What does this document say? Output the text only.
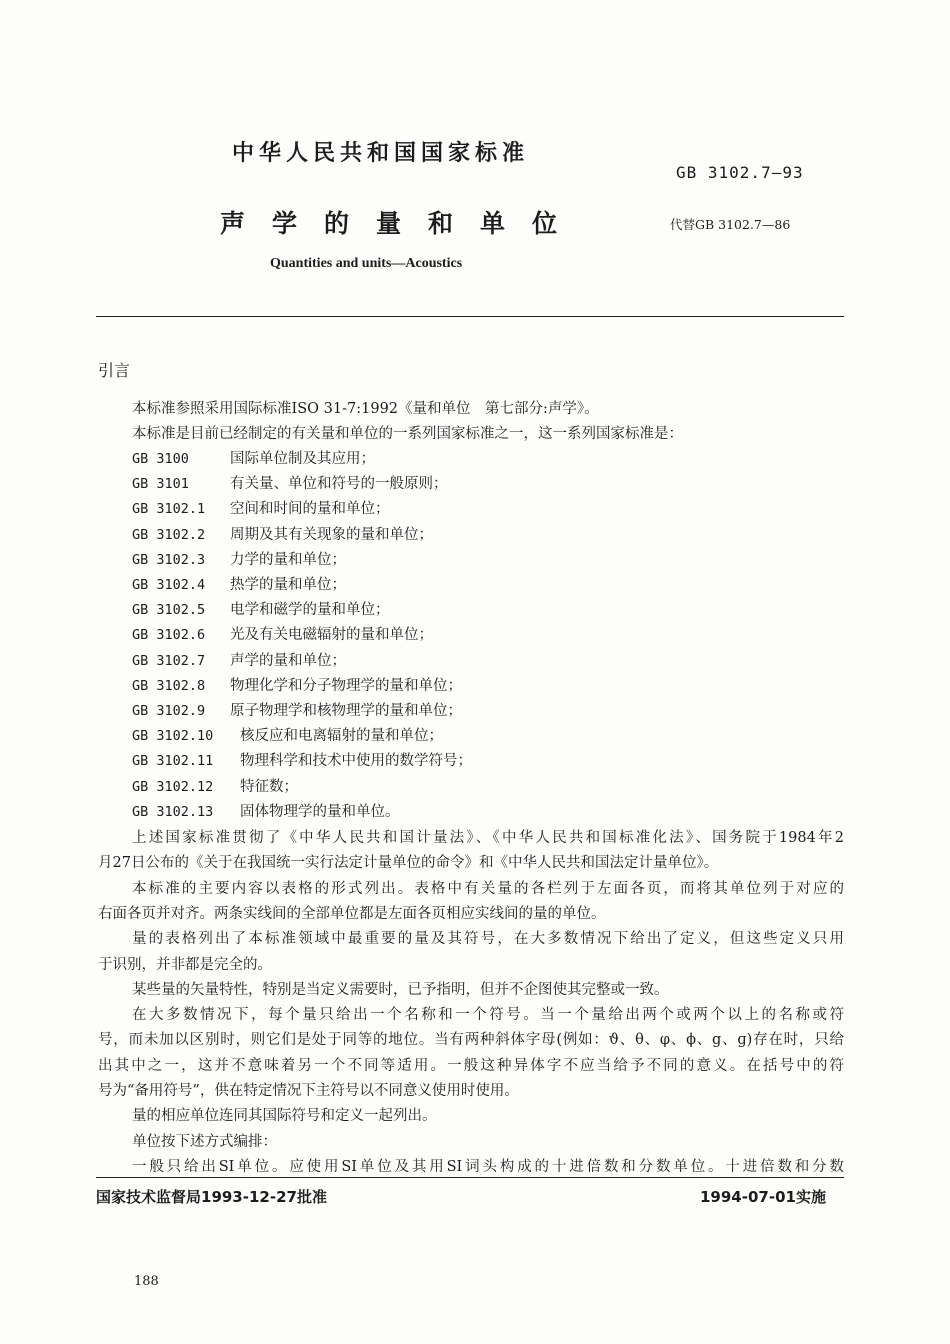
中华人民共和国国家标准
GB 3102.7—93
声学的量和单位	代替GB 3102.7—86
Quantities and units—Acoustics
引言
本标准参照采用国际标准ISO 31-7:1992《量和单位　第七部分:声学》。
本标准是目前已经制定的有关量和单位的一系列国家标准之一，这一系列国家标准是：
GB 3100	国际单位制及其应用；
GB 3101	有关量、单位和符号的一般原则；
GB 3102.1 空间和时间的量和单位；
GB 3102.2 周期及其有关现象的量和单位；
GB 3102.3 力学的量和单位；
GB 3102.4 热学的量和单位；
GB 3102.5 电学和磁学的量和单位；
GB 3102.6 光及有关电磁辐射的量和单位；
GB 3102.7 声学的量和单位；
GB 3102.8 物理化学和分子物理学的量和单位；
GB 3102.9 原子物理学和核物理学的量和单位；
GB 3102.10 核反应和电离辐射的量和单位；
GB 3102.11 物理科学和技术中使用的数学符号；
GB 3102.12 特征数；
GB 3102.13 固体物理学的量和单位。
上述国家标准贯彻了《中华人民共和国计量法》、《中华人民共和国标准化法》、国务院于1984年2
月27日公布的《关于在我国统一实行法定计量单位的命令》和《中华人民共和国法定计量单位》。
本标准的主要内容以表格的形式列出。表格中有关量的各栏列于左面各页，而将其单位列于对应的
右面各页并对齐。两条实线间的全部单位都是左面各页相应实线间的量的单位。
量的表格列出了本标准领域中最重要的量及其符号，在大多数情况下给出了定义，但这些定义只用
于识别，并非都是完全的。
某些量的矢量特性，特别是当定义需要时，已予指明，但并不企图使其完整或一致。
在大多数情况下，每个量只给出一个名称和一个符号。当一个量给出两个或两个以上的名称或符
号，而未加以区别时，则它们是处于同等的地位。当有两种斜体字母(例如：ϑ、θ、φ、ϕ、g、ɡ)存在时，只给
出其中之一，这并不意味着另一个不同等适用。一般这种异体字不应当给予不同的意义。在括号中的符
号为“备用符号”，供在特定情况下主符号以不同意义使用时使用。
量的相应单位连同其国际符号和定义一起列出。
单位按下述方式编排：
一般只给出SI单位。应使用SI单位及其用SI词头构成的十进倍数和分数单位。十进倍数和分数
国家技术监督局1993-12-27批准	1994-07-01实施
188
